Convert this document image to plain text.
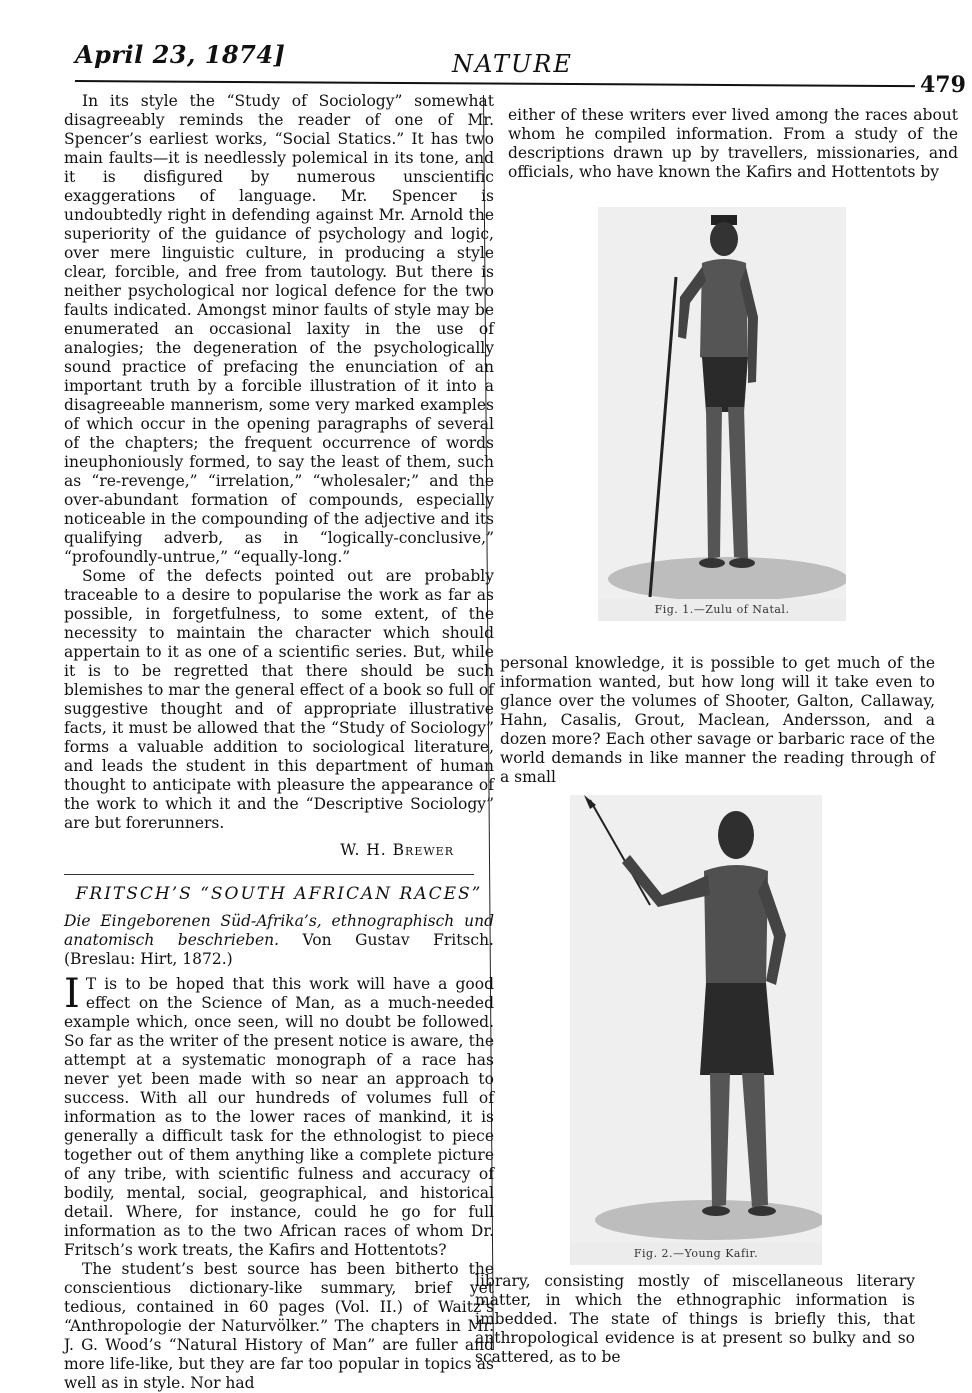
April 23, 1874]	NATURE
479

In its style the “Study of Sociology” somewhat disagreeably reminds the reader of one of Mr. Spencer’s earliest works, “Social Statics.” It has two main faults—it is needlessly polemical in its tone, and it is disfigured by numerous unscientific exaggerations of language. Mr. Spencer is undoubtedly right in defending against Mr. Arnold the superiority of the guidance of psychology and logic, over mere linguistic culture, in producing a style clear, forcible, and free from tautology. But there is neither psychological nor logical defence for the two faults indicated. Amongst minor faults of style may be enumerated an occasional laxity in the use of analogies; the degeneration of the psychologically sound practice of prefacing the enunciation of an important truth by a forcible illustration of it into a disagreeable mannerism, some very marked examples of which occur in the opening paragraphs of several of the chapters; the frequent occurrence of words ineuphoniously formed, to say the least of them, such as “re-revenge,” “irrelation,” “wholesaler;” and the over-abundant formation of compounds, especially noticeable in the compounding of the adjective and its qualifying adverb, as in “logically-conclusive,” “profoundly-untrue,” “equally-long.”

Some of the defects pointed out are probably traceable to a desire to popularise the work as far as possible, in forgetfulness, to some extent, of the necessity to maintain the character which should appertain to it as one of a scientific series. But, while it is to be regretted that there should be such blemishes to mar the general effect of a book so full of suggestive thought and of appropriate illustrative facts, it must be allowed that the “Study of Sociology” forms a valuable addition to sociological literature, and leads the student in this department of human thought to anticipate with pleasure the appearance of the work to which it and the “Descriptive Sociology” are but forerunners.

W. H. Brewer
FRITSCH’S “SOUTH AFRICAN RACES”

Die Eingeborenen Süd-Afrika’s, ethnographisch und anatomisch beschrieben. Von Gustav Fritsch. (Breslau: Hirt, 1872.)

I T is to be hoped that this work will have a good effect on the Science of Man, as a much-needed example which, once seen, will no doubt be followed. So far as the writer of the present notice is aware, the attempt at a systematic monograph of a race has never yet been made with so near an approach to success. With all our hundreds of volumes full of information as to the lower races of mankind, it is generally a difficult task for the ethnologist to piece together out of them anything like a complete picture of any tribe, with scientific fulness and accuracy of bodily, mental, social, geographical, and historical detail. Where, for instance, could he go for full information as to the two African races of whom Dr. Fritsch’s work treats, the Kafirs and Hottentots?

The student’s best source has been bitherto the conscientious dictionary-like summary, brief yet tedious, contained in 60 pages (Vol. II.) of Waitz’s “Anthropologie der Naturvölker.” The chapters in Mr. J. G. Wood’s “Natural History of Man” are fuller and more life-like, but they are far too popular in topics as well as in style. Nor had

either of these writers ever lived among the races about whom he compiled information. From a study of the descriptions drawn up by travellers, missionaries, and officials, who have known the Kafirs and Hottentots by

personal knowledge, it is possible to get much of the information wanted, but how long will it take even to glance over the volumes of Shooter, Galton, Callaway, Hahn, Casalis, Grout, Maclean, Andersson, and a dozen more? Each other savage or barbaric race of the world demands in like manner the reading through of a small

library, consisting mostly of miscellaneous literary matter, in which the ethnographic information is imbedded. The state of things is briefly this, that anthropological evidence is at present so bulky and so scattered, as to be

Fig. 1.—Zulu of Natal.
Fig. 2.—Young Kafir.
